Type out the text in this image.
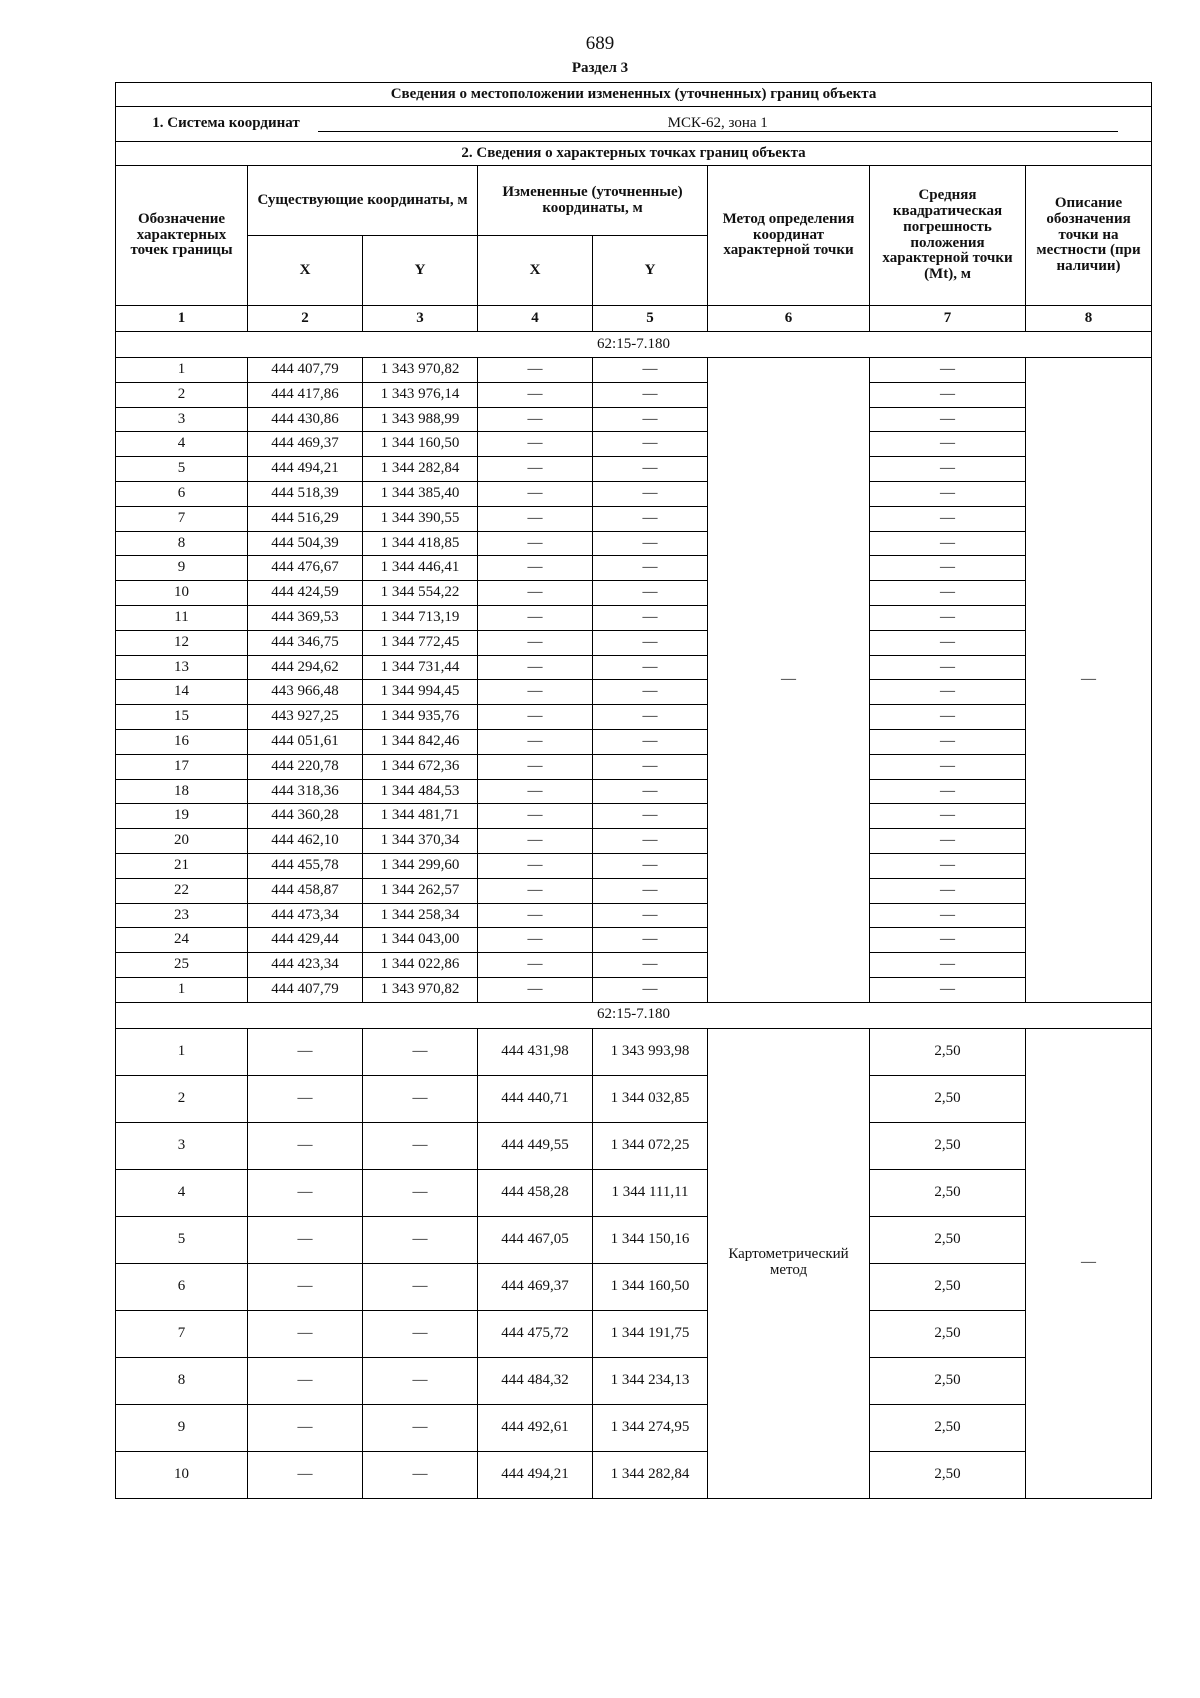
689
Раздел 3
Сведения о местоположении измененных (уточненных) границ объекта							
1. Система координат МСК-62, зона 1							
2. Сведения о характерных точках границ объекта							
Обозначение характерных точек границы	Существующие координаты, м		Измененные (уточненные) координаты, м		Метод определения координат характерной точки	Средняя квадратическая погрешность положения характерной точки (Mt), м	Описание обозначения точки на местности (при наличии)
	X	Y	X	Y			
1	2	3	4	5	6	7	8
62:15-7.180							
1	444 407,79	1 343 970,82	—	—	—	—	—
2	444 417,86	1 343 976,14	—	—		—	
3	444 430,86	1 343 988,99	—	—		—	
4	444 469,37	1 344 160,50	—	—		—	
5	444 494,21	1 344 282,84	—	—		—	
6	444 518,39	1 344 385,40	—	—		—	
7	444 516,29	1 344 390,55	—	—		—	
8	444 504,39	1 344 418,85	—	—		—	
9	444 476,67	1 344 446,41	—	—		—	
10	444 424,59	1 344 554,22	—	—		—	
11	444 369,53	1 344 713,19	—	—		—	
12	444 346,75	1 344 772,45	—	—		—	
13	444 294,62	1 344 731,44	—	—		—	
14	443 966,48	1 344 994,45	—	—		—	
15	443 927,25	1 344 935,76	—	—		—	
16	444 051,61	1 344 842,46	—	—		—	
17	444 220,78	1 344 672,36	—	—		—	
18	444 318,36	1 344 484,53	—	—		—	
19	444 360,28	1 344 481,71	—	—		—	
20	444 462,10	1 344 370,34	—	—		—	
21	444 455,78	1 344 299,60	—	—		—	
22	444 458,87	1 344 262,57	—	—		—	
23	444 473,34	1 344 258,34	—	—		—	
24	444 429,44	1 344 043,00	—	—		—	
25	444 423,34	1 344 022,86	—	—		—	
1	444 407,79	1 343 970,82	—	—		—	
62:15-7.180							
1	—	—	444 431,98	1 343 993,98	Картометрический метод	2,50	—
2	—	—	444 440,71	1 344 032,85		2,50	
3	—	—	444 449,55	1 344 072,25		2,50	
4	—	—	444 458,28	1 344 111,11		2,50	
5	—	—	444 467,05	1 344 150,16		2,50	
6	—	—	444 469,37	1 344 160,50		2,50	
7	—	—	444 475,72	1 344 191,75		2,50	
8	—	—	444 484,32	1 344 234,13		2,50	
9	—	—	444 492,61	1 344 274,95		2,50	
10	—	—	444 494,21	1 344 282,84		2,50	
